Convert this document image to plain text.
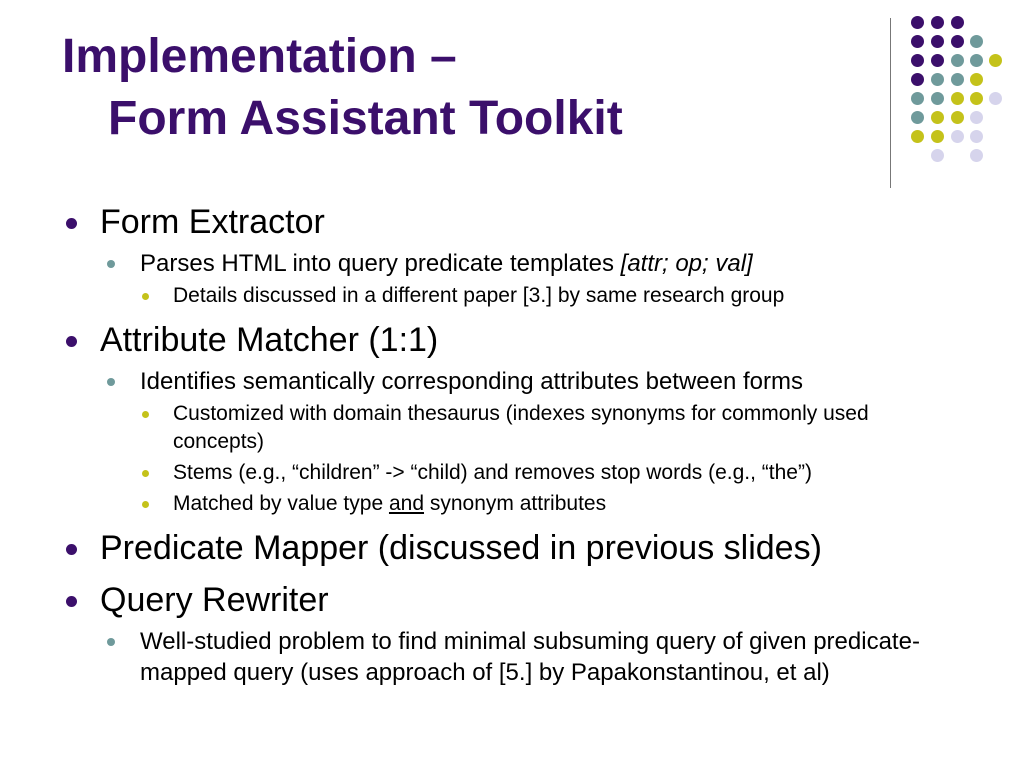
Implementation –
Form Assistant Toolkit
Form Extractor
Parses HTML into query predicate templates [attr; op; val]
Details discussed in a different paper [3.] by same research group
Attribute Matcher (1:1)
Identifies semantically corresponding attributes between forms
Customized with domain thesaurus (indexes synonyms for commonly used
concepts)
Stems (e.g., “children” -> “child) and removes stop words (e.g., “the”)
Matched by value type and synonym attributes
Predicate Mapper (discussed in previous slides)
Query Rewriter
Well-studied problem to find minimal subsuming query of given predicate-
mapped query (uses approach of [5.] by Papakonstantinou, et al)
